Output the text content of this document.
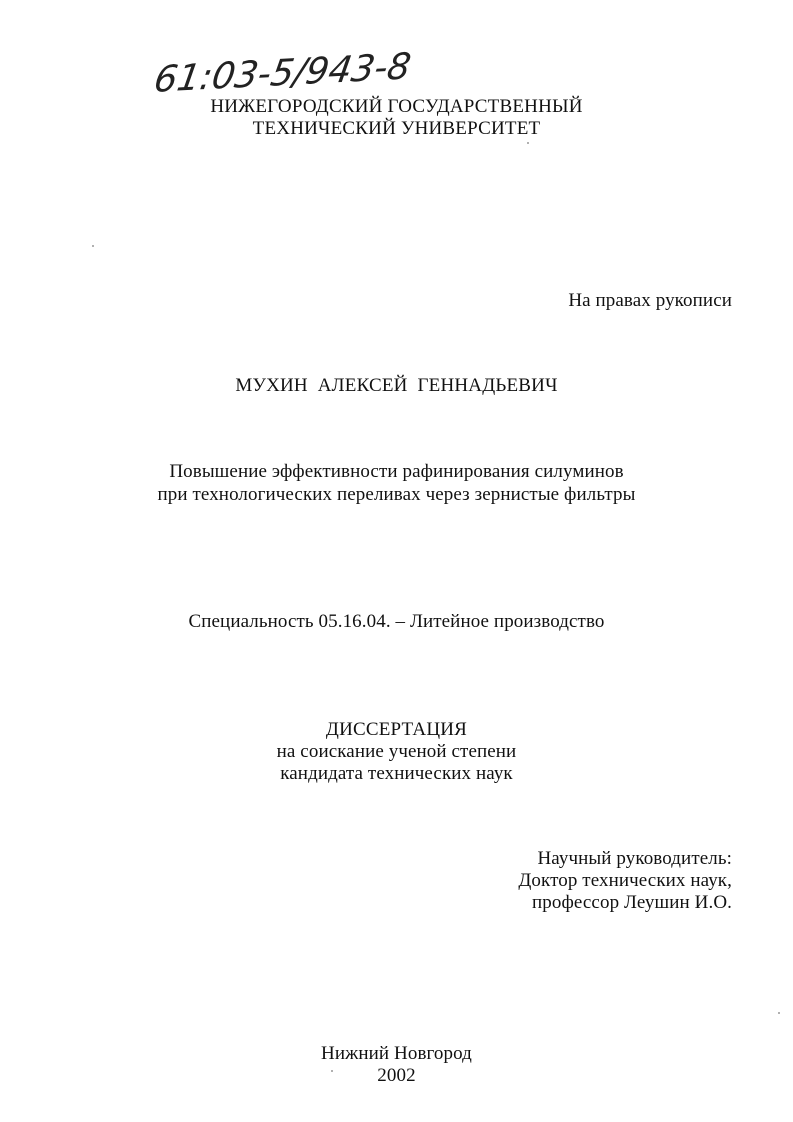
61:03-5/943-8
НИЖЕГОРОДСКИЙ ГОСУДАРСТВЕННЫЙ
ТЕХНИЧЕСКИЙ УНИВЕРСИТЕТ
На правах рукописи
МУХИН  АЛЕКСЕЙ  ГЕННАДЬЕВИЧ
Повышение эффективности рафинирования силуминов
при технологических переливах через зернистые фильтры
Специальность 05.16.04. – Литейное производство
ДИССЕРТАЦИЯ
на соискание ученой степени
кандидата технических наук
Научный руководитель:
Доктор технических наук,
профессор Леушин И.О.
Нижний Новгород
2002
